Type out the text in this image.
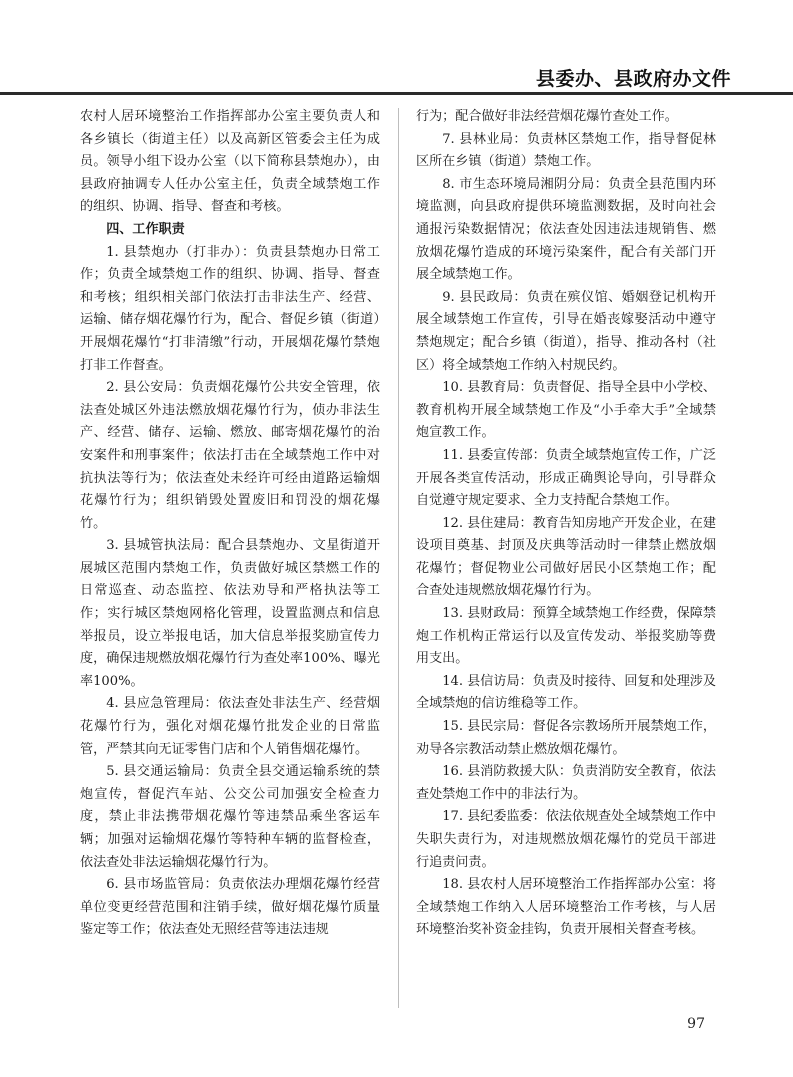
县委办、县政府办文件

农村人居环境整治工作指挥部办公室主要负责人和各乡镇长（街道主任）以及高新区管委会主任为成员。领导小组下设办公室（以下简称县禁炮办），由县政府抽调专人任办公室主任，负责全域禁炮工作的组织、协调、指导、督查和考核。

四、工作职责

1. 县禁炮办（打非办）：负责县禁炮办日常工作；负责全域禁炮工作的组织、协调、指导、督查和考核；组织相关部门依法打击非法生产、经营、运输、储存烟花爆竹行为，配合、督促乡镇（街道）开展烟花爆竹“打非清缴”行动，开展烟花爆竹禁炮打非工作督查。

2. 县公安局：负责烟花爆竹公共安全管理，依法查处城区外违法燃放烟花爆竹行为，侦办非法生产、经营、储存、运输、燃放、邮寄烟花爆竹的治安案件和刑事案件；依法打击在全域禁炮工作中对抗执法等行为；依法查处未经许可经由道路运输烟花爆竹行为；组织销毁处置废旧和罚没的烟花爆竹。

3. 县城管执法局：配合县禁炮办、文星街道开展城区范围内禁炮工作，负责做好城区禁燃工作的日常巡查、动态监控、依法劝导和严格执法等工作；实行城区禁炮网格化管理，设置监测点和信息举报员，设立举报电话，加大信息举报奖励宣传力度，确保违规燃放烟花爆竹行为查处率100%、曝光率100%。

4. 县应急管理局：依法查处非法生产、经营烟花爆竹行为，强化对烟花爆竹批发企业的日常监管，严禁其向无证零售门店和个人销售烟花爆竹。

5. 县交通运输局：负责全县交通运输系统的禁炮宣传，督促汽车站、公交公司加强安全检查力度，禁止非法携带烟花爆竹等违禁品乘坐客运车辆；加强对运输烟花爆竹等特种车辆的监督检查，依法查处非法运输烟花爆竹行为。

6. 县市场监管局：负责依法办理烟花爆竹经营单位变更经营范围和注销手续，做好烟花爆竹质量鉴定等工作；依法查处无照经营等违法违规

行为；配合做好非法经营烟花爆竹查处工作。

7. 县林业局：负责林区禁炮工作，指导督促林区所在乡镇（街道）禁炮工作。

8. 市生态环境局湘阴分局：负责全县范围内环境监测，向县政府提供环境监测数据，及时向社会通报污染数据情况；依法查处因违法违规销售、燃放烟花爆竹造成的环境污染案件，配合有关部门开展全域禁炮工作。

9. 县民政局：负责在殡仪馆、婚姻登记机构开展全域禁炮工作宣传，引导在婚丧嫁娶活动中遵守禁炮规定；配合乡镇（街道），指导、推动各村（社区）将全域禁炮工作纳入村规民约。

10. 县教育局：负责督促、指导全县中小学校、教育机构开展全域禁炮工作及“小手牵大手”全域禁炮宣教工作。

11. 县委宣传部：负责全域禁炮宣传工作，广泛开展各类宣传活动，形成正确舆论导向，引导群众自觉遵守规定要求、全力支持配合禁炮工作。

12. 县住建局：教育告知房地产开发企业，在建设项目奠基、封顶及庆典等活动时一律禁止燃放烟花爆竹；督促物业公司做好居民小区禁炮工作；配合查处违规燃放烟花爆竹行为。

13. 县财政局：预算全域禁炮工作经费，保障禁炮工作机构正常运行以及宣传发动、举报奖励等费用支出。

14. 县信访局：负责及时接待、回复和处理涉及全域禁炮的信访维稳等工作。

15. 县民宗局：督促各宗教场所开展禁炮工作，劝导各宗教活动禁止燃放烟花爆竹。

16. 县消防救援大队：负责消防安全教育，依法查处禁炮工作中的非法行为。

17. 县纪委监委：依法依规查处全域禁炮工作中失职失责行为，对违规燃放烟花爆竹的党员干部进行追责问责。

18. 县农村人居环境整治工作指挥部办公室：将全域禁炮工作纳入人居环境整治工作考核，与人居环境整治奖补资金挂钩，负责开展相关督查考核。

97
